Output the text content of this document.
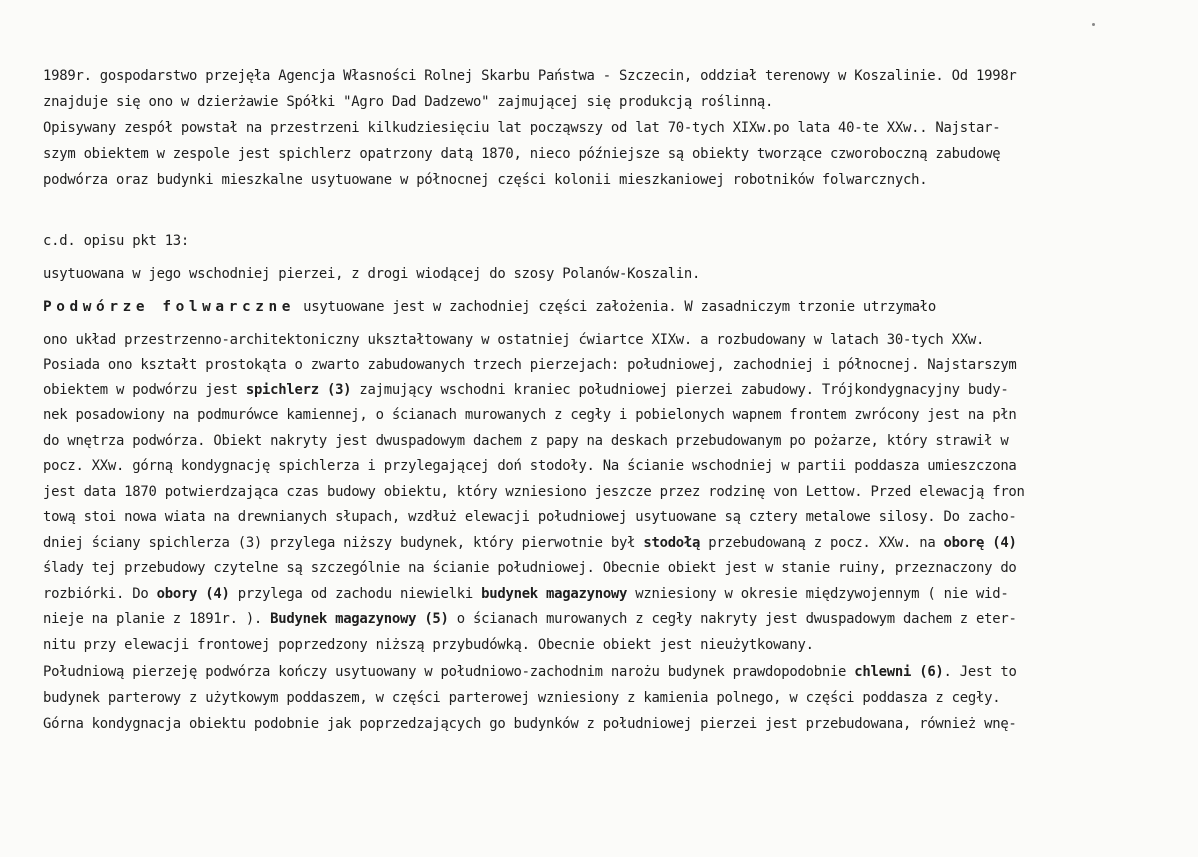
1989r. gospodarstwo przejęła Agencja Własności Rolnej Skarbu Państwa - Szczecin, oddział terenowy w Koszalinie. Od 1998r
znajduje się ono w dzierżawie Spółki "Agro Dad Dadzewo" zajmującej się produkcją roślinną.
Opisywany zespół powstał na przestrzeni kilkudziesięciu lat począwszy od lat 70-tych XIXw.po lata 40-te XXw.. Najstar-
szym obiektem w zespole jest spichlerz opatrzony datą 1870, nieco późniejsze są obiekty tworzące czworoboczną zabudowę
podwórza oraz budynki mieszkalne usytuowane w północnej części kolonii mieszkaniowej robotników folwarcznych.
c.d. opisu pkt 13:
usytuowana w jego wschodniej pierzei, z drogi wiodącej do szosy Polanów-Koszalin.
Podwórze folwarczne usytuowane jest w zachodniej części założenia. W zasadniczym trzonie utrzymało
ono układ przestrzenno-architektoniczny ukształtowany w ostatniej ćwiartce XIXw. a rozbudowany w latach 30-tych XXw.
Posiada ono kształt prostokąta o zwarto zabudowanych trzech pierzejach: południowej, zachodniej i północnej. Najstarszym
obiektem w podwórzu jest spichlerz (3) zajmujący wschodni kraniec południowej pierzei zabudowy. Trójkondygnacyjny budy-
nek posadowiony na podmurówce kamiennej, o ścianach murowanych z cegły i pobielonych wapnem frontem zwrócony jest na płn
do wnętrza podwórza. Obiekt nakryty jest dwuspadowym dachem z papy na deskach przebudowanym po pożarze, który strawił w
pocz. XXw. górną kondygnację spichlerza i przylegającej doń stodoły. Na ścianie wschodniej w partii poddasza umieszczona
jest data 1870 potwierdzająca czas budowy obiektu, który wzniesiono jeszcze przez rodzinę von Lettow. Przed elewacją fron
tową stoi nowa wiata na drewnianych słupach, wzdłuż elewacji południowej usytuowane są cztery metalowe silosy. Do zacho-
dniej ściany spichlerza (3) przylega niższy budynek, który pierwotnie był stodołą przebudowaną z pocz. XXw. na oborę (4)
ślady tej przebudowy czytelne są szczególnie na ścianie południowej. Obecnie obiekt jest w stanie ruiny, przeznaczony do
rozbiórki. Do obory (4) przylega od zachodu niewielki budynek magazynowy wzniesiony w okresie międzywojennym ( nie wid-
nieje na planie z 1891r. ). Budynek magazynowy (5) o ścianach murowanych z cegły nakryty jest dwuspadowym dachem z eter-
nitu przy elewacji frontowej poprzedzony niższą przybudówką. Obecnie obiekt jest nieużytkowany.
Południową pierzeję podwórza kończy usytuowany w południowo-zachodnim narożu budynek prawdopodobnie chlewni (6). Jest to
budynek parterowy z użytkowym poddaszem, w części parterowej wzniesiony z kamienia polnego, w części poddasza z cegły.
Górna kondygnacja obiektu podobnie jak poprzedzających go budynków z południowej pierzei jest przebudowana, również wnę-
